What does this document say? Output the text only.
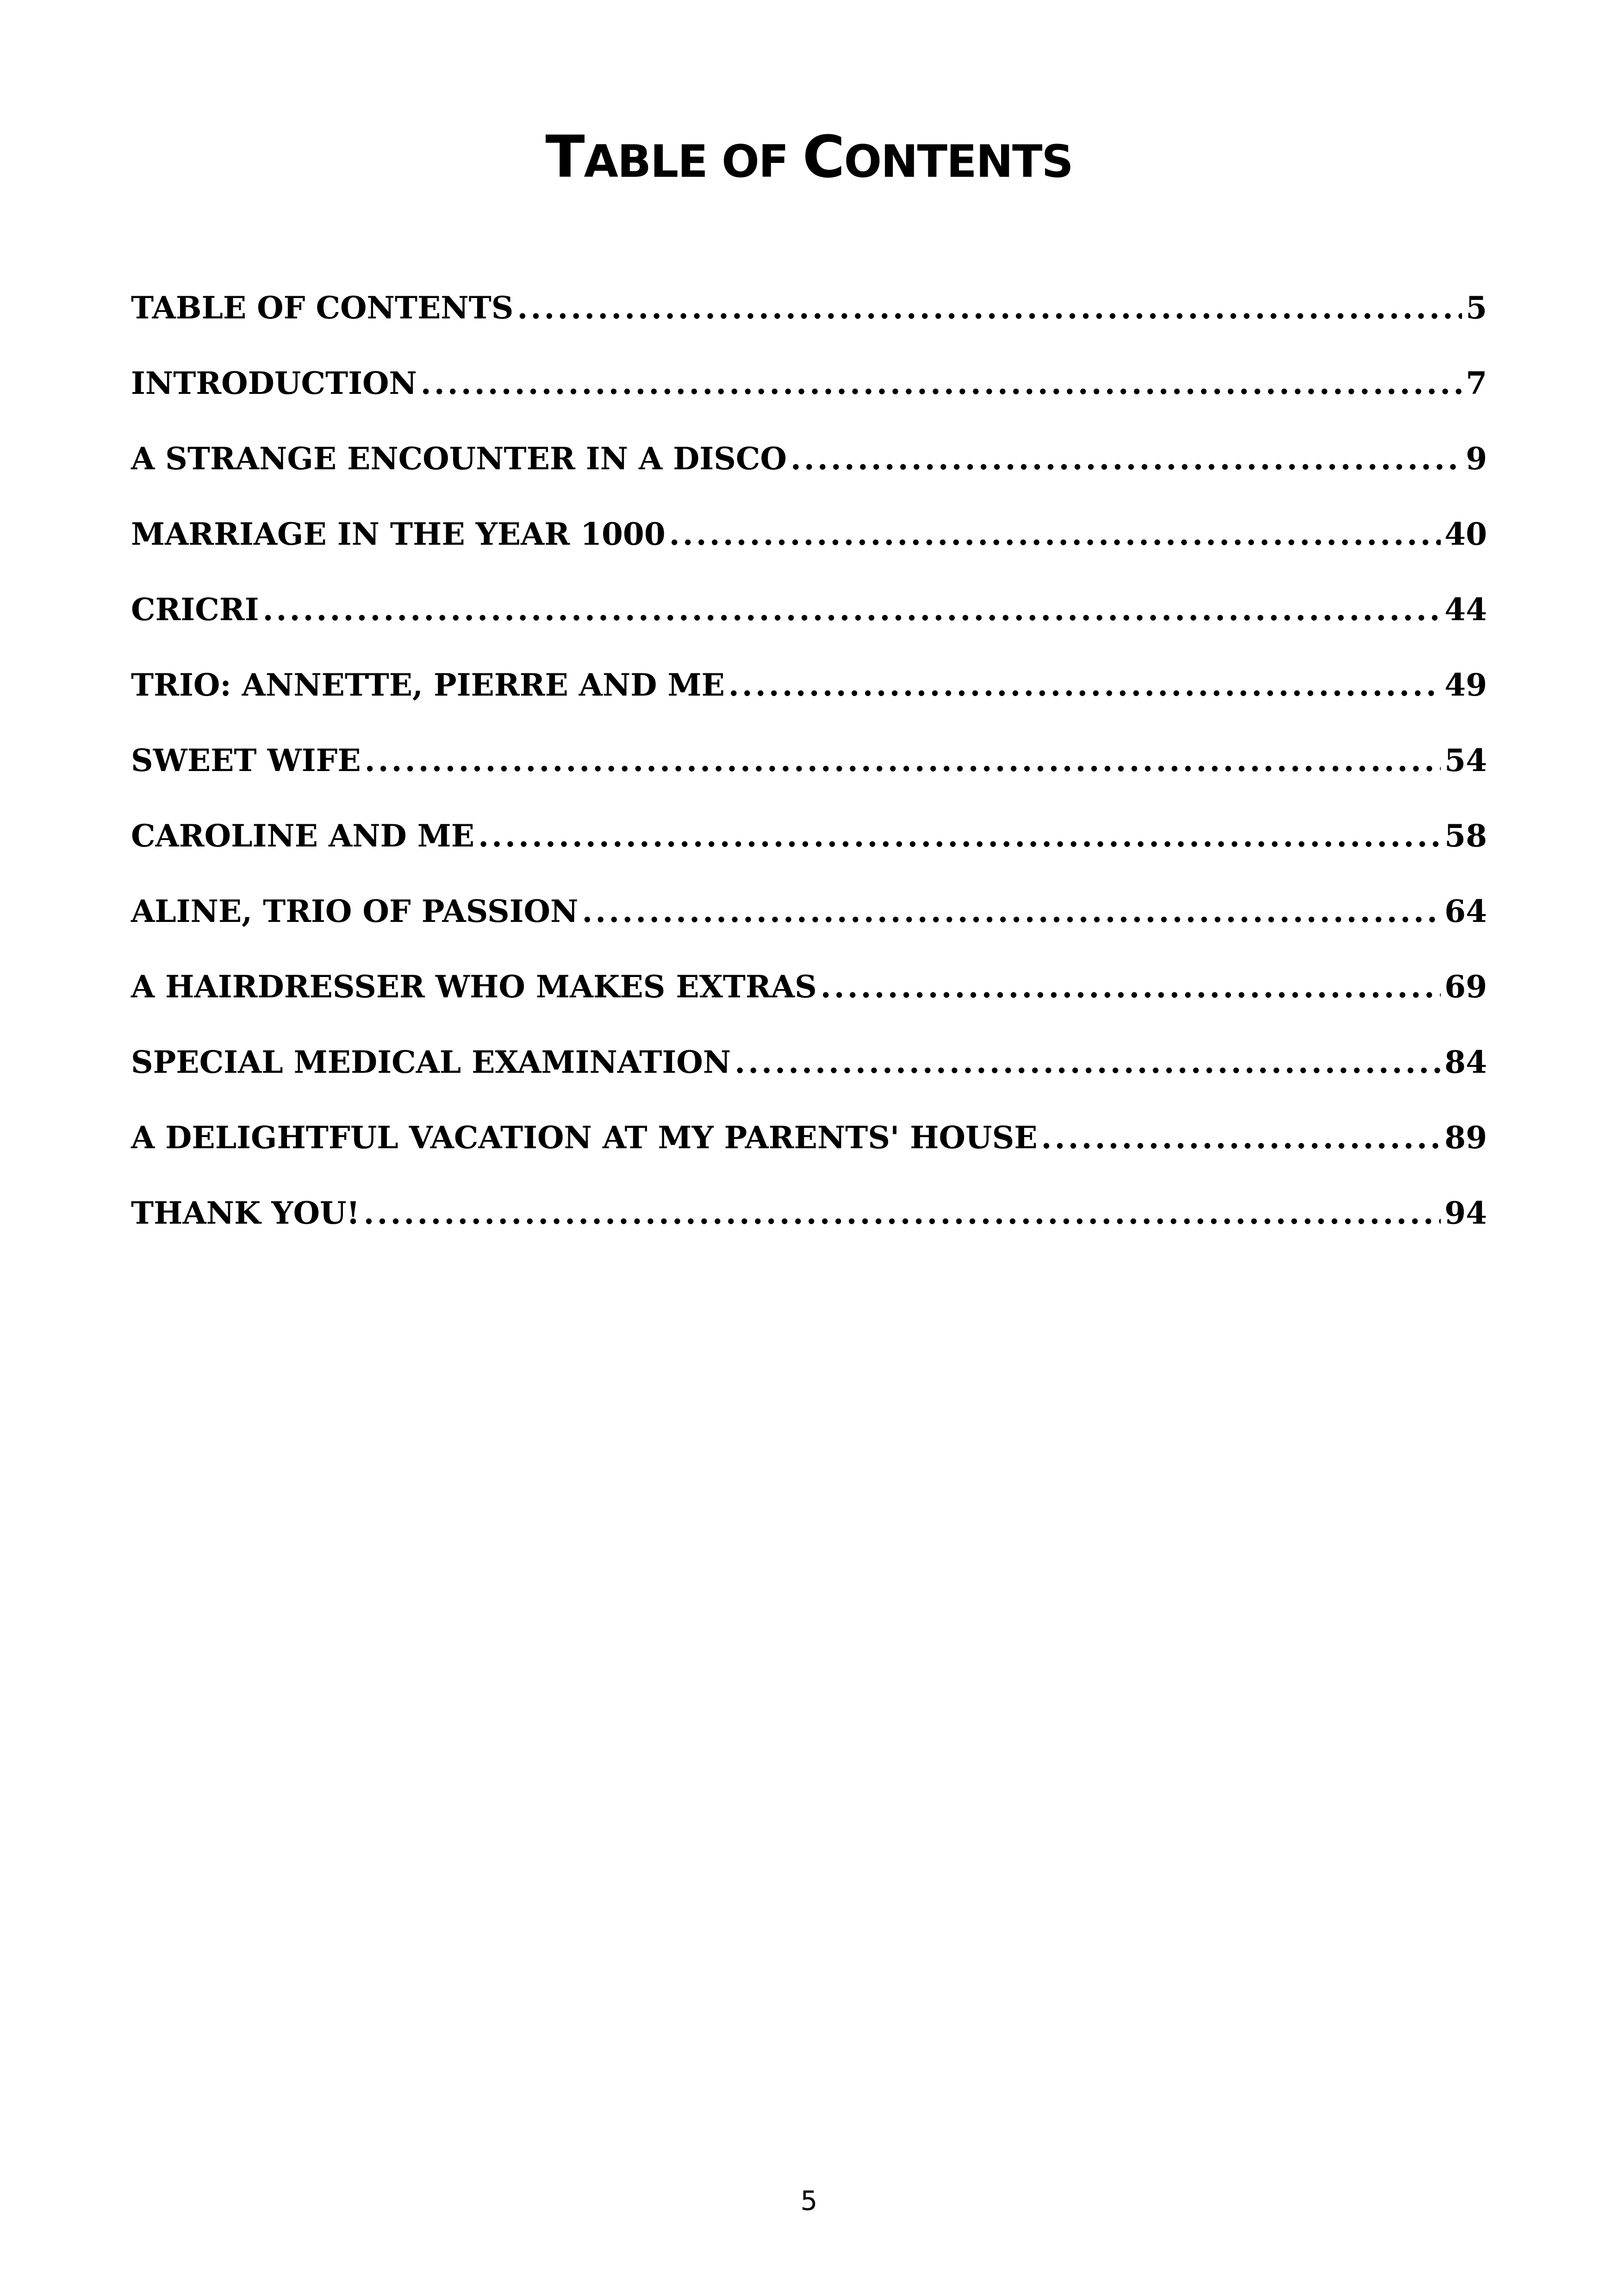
TABLE OF CONTENTS
TABLE OF CONTENTS .....	5
INTRODUCTION .....	7
A STRANGE ENCOUNTER IN A DISCO .....	9
MARRIAGE IN THE YEAR 1000 .....	40
CRICRI .....	44
TRIO: ANNETTE, PIERRE AND ME .....	49
SWEET WIFE .....	54
CAROLINE AND ME .....	58
ALINE, TRIO OF PASSION .....	64
A HAIRDRESSER WHO MAKES EXTRAS .....	69
SPECIAL MEDICAL EXAMINATION .....	84
A DELIGHTFUL VACATION AT MY PARENTS' HOUSE .....	89
THANK YOU! .....	94
5
